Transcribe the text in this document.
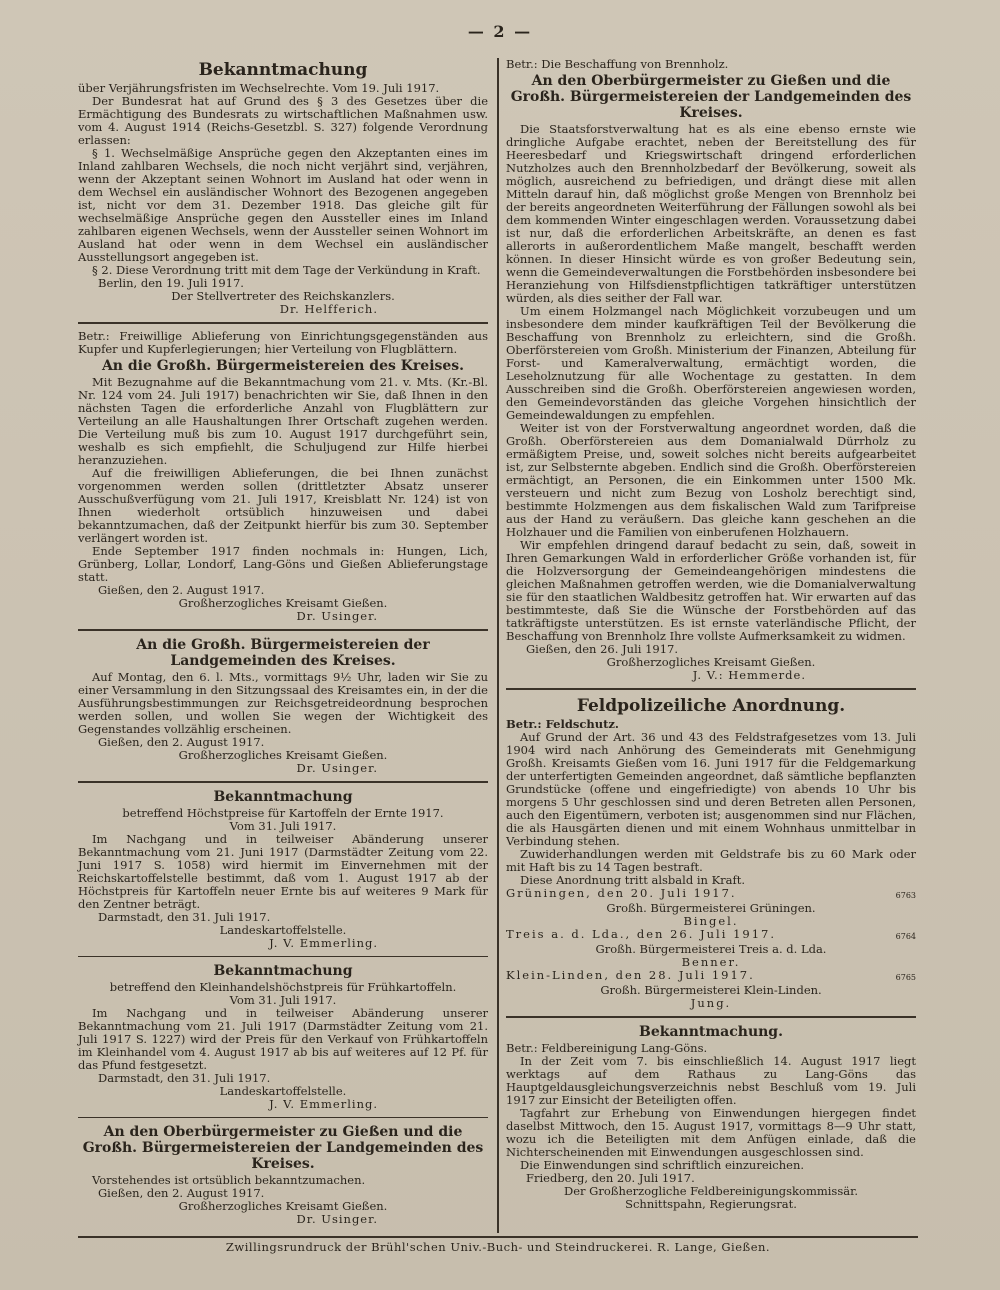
— 2 —
Bekanntmachung

über Verjährungsfristen im Wechselrechte. Vom 19. Juli 1917.

Der Bundesrat hat auf Grund des § 3 des Gesetzes über die Ermächtigung des Bundesrats zu wirtschaftlichen Maßnahmen usw. vom 4. August 1914 (Reichs-Gesetzbl. S. 327) folgende Verordnung erlassen:

§ 1. Wechselmäßige Ansprüche gegen den Akzeptanten eines im Inland zahlbaren Wechsels, die noch nicht verjährt sind, verjähren, wenn der Akzeptant seinen Wohnort im Ausland hat oder wenn in dem Wechsel ein ausländischer Wohnort des Bezogenen angegeben ist, nicht vor dem 31. Dezember 1918. Das gleiche gilt für wechselmäßige Ansprüche gegen den Aussteller eines im Inland zahlbaren eigenen Wechsels, wenn der Aussteller seinen Wohnort im Ausland hat oder wenn in dem Wechsel ein ausländischer Ausstellungsort angegeben ist.

§ 2. Diese Verordnung tritt mit dem Tage der Verkündung in Kraft.

Berlin, den 19. Juli 1917.
Der Stellvertreter des Reichskanzlers.
Dr. Helfferich.

Betr.: Freiwillige Ablieferung von Einrichtungsgegenständen aus Kupfer und Kupferlegierungen; hier Verteilung von Flugblättern.

An die Großh. Bürgermeistereien des Kreises.

Mit Bezugnahme auf die Bekanntmachung vom 21. v. Mts. (Kr.-Bl. Nr. 124 vom 24. Juli 1917) benachrichten wir Sie, daß Ihnen in den nächsten Tagen die erforderliche Anzahl von Flugblättern zur Verteilung an alle Haushaltungen Ihrer Ortschaft zugehen werden. Die Verteilung muß bis zum 10. August 1917 durchgeführt sein, weshalb es sich empfiehlt, die Schuljugend zur Hilfe hierbei heranzuziehen.

Auf die freiwilligen Ablieferungen, die bei Ihnen zunächst vorgenommen werden sollen (drittletzter Absatz unserer Ausschußverfügung vom 21. Juli 1917, Kreisblatt Nr. 124) ist von Ihnen wiederholt ortsüblich hinzuweisen und dabei bekanntzumachen, daß der Zeitpunkt hierfür bis zum 30. September verlängert worden ist.

Ende September 1917 finden nochmals in: Hungen, Lich, Grünberg, Lollar, Londorf, Lang-Göns und Gießen Ablieferungstage statt.

Gießen, den 2. August 1917.
Großherzogliches Kreisamt Gießen.
Dr. Usinger.
An die Großh. Bürgermeistereien der Landgemeinden des Kreises.

Auf Montag, den 6. l. Mts., vormittags 9½ Uhr, laden wir Sie zu einer Versammlung in den Sitzungssaal des Kreisamtes ein, in der die Ausführungsbestimmungen zur Reichsgetreideordnung besprochen werden sollen, und wollen Sie wegen der Wichtigkeit des Gegenstandes vollzählig erscheinen.

Gießen, den 2. August 1917.
Großherzogliches Kreisamt Gießen.
Dr. Usinger.
Bekanntmachung
betreffend Höchstpreise für Kartoffeln der Ernte 1917.
Vom 31. Juli 1917.

Im Nachgang und in teilweiser Abänderung unserer Bekanntmachung vom 21. Juni 1917 (Darmstädter Zeitung vom 22. Juni 1917 S. 1058) wird hiermit im Einvernehmen mit der Reichskartoffelstelle bestimmt, daß vom 1. August 1917 ab der Höchstpreis für Kartoffeln neuer Ernte bis auf weiteres 9 Mark für den Zentner beträgt.

Darmstadt, den 31. Juli 1917.
Landeskartoffelstelle.
J. V. Emmerling.
Bekanntmachung
betreffend den Kleinhandelshöchstpreis für Frühkartoffeln.
Vom 31. Juli 1917.

Im Nachgang und in teilweiser Abänderung unserer Bekanntmachung vom 21. Juli 1917 (Darmstädter Zeitung vom 21. Juli 1917 S. 1227) wird der Preis für den Verkauf von Frühkartoffeln im Kleinhandel vom 4. August 1917 ab bis auf weiteres auf 12 Pf. für das Pfund festgesetzt.

Darmstadt, den 31. Juli 1917.
Landeskartoffelstelle.
J. V. Emmerling.
An den Oberbürgermeister zu Gießen und die Großh. Bürgermeistereien der Landgemeinden des Kreises.

Vorstehendes ist ortsüblich bekanntzumachen.

Gießen, den 2. August 1917.
Großherzogliches Kreisamt Gießen.
Dr. Usinger.

Betr.: Die Beschaffung von Brennholz.

An den Oberbürgermeister zu Gießen und die Großh. Bürgermeistereien der Landgemeinden des Kreises.

Die Staatsforstverwaltung hat es als eine ebenso ernste wie dringliche Aufgabe erachtet, neben der Bereitstellung des für Heeresbedarf und Kriegswirtschaft dringend erforderlichen Nutzholzes auch den Brennholzbedarf der Bevölkerung, soweit als möglich, ausreichend zu befriedigen, und drängt diese mit allen Mitteln darauf hin, daß möglichst große Mengen von Brennholz bei der bereits angeordneten Weiterführung der Fällungen sowohl als bei dem kommenden Winter eingeschlagen werden. Voraussetzung dabei ist nur, daß die erforderlichen Arbeitskräfte, an denen es fast allerorts in außerordentlichem Maße mangelt, beschafft werden können. In dieser Hinsicht würde es von großer Bedeutung sein, wenn die Gemeindeverwaltungen die Forstbehörden insbesondere bei Heranziehung von Hilfsdienstpflichtigen tatkräftiger unterstützen würden, als dies seither der Fall war.

Um einem Holzmangel nach Möglichkeit vorzubeugen und um insbesondere dem minder kaufkräftigen Teil der Bevölkerung die Beschaffung von Brennholz zu erleichtern, sind die Großh. Oberförstereien vom Großh. Ministerium der Finanzen, Abteilung für Forst- und Kameralverwaltung, ermächtigt worden, die Leseholznutzung für alle Wochentage zu gestatten. In dem Ausschreiben sind die Großh. Oberförstereien angewiesen worden, den Gemeindevorständen das gleiche Vorgehen hinsichtlich der Gemeindewaldungen zu empfehlen.

Weiter ist von der Forstverwaltung angeordnet worden, daß die Großh. Oberförstereien aus dem Domanialwald Dürrholz zu ermäßigtem Preise, und, soweit solches nicht bereits aufgearbeitet ist, zur Selbsternte abgeben. Endlich sind die Großh. Oberförstereien ermächtigt, an Personen, die ein Einkommen unter 1500 Mk. versteuern und nicht zum Bezug von Losholz berechtigt sind, bestimmte Holzmengen aus dem fiskalischen Wald zum Tarifpreise aus der Hand zu veräußern. Das gleiche kann geschehen an die Holzhauer und die Familien von einberufenen Holzhauern.

Wir empfehlen dringend darauf bedacht zu sein, daß, soweit in Ihren Gemarkungen Wald in erforderlicher Größe vorhanden ist, für die Holzversorgung der Gemeindeangehörigen mindestens die gleichen Maßnahmen getroffen werden, wie die Domanialverwaltung sie für den staatlichen Waldbesitz getroffen hat. Wir erwarten auf das bestimmteste, daß Sie die Wünsche der Forstbehörden auf das tatkräftigste unterstützen. Es ist ernste vaterländische Pflicht, der Beschaffung von Brennholz Ihre vollste Aufmerksamkeit zu widmen.

Gießen, den 26. Juli 1917.
Großherzogliches Kreisamt Gießen.
J. V.: Hemmerde.
Feldpolizeiliche Anordnung.

Betr.: Feldschutz.

Auf Grund der Art. 36 und 43 des Feldstrafgesetzes vom 13. Juli 1904 wird nach Anhörung des Gemeinderats mit Genehmigung Großh. Kreisamts Gießen vom 16. Juni 1917 für die Feldgemarkung der unterfertigten Gemeinden angeordnet, daß sämtliche bepflanzten Grundstücke (offene und eingefriedigte) von abends 10 Uhr bis morgens 5 Uhr geschlossen sind und deren Betreten allen Personen, auch den Eigentümern, verboten ist; ausgenommen sind nur Flächen, die als Hausgärten dienen und mit einem Wohnhaus unmittelbar in Verbindung stehen.

Zuwiderhandlungen werden mit Geldstrafe bis zu 60 Mark oder mit Haft bis zu 14 Tagen bestraft.

Diese Anordnung tritt alsbald in Kraft.

Grüningen, den 20. Juli 1917.	6763
Großh. Bürgermeisterei Grüningen.
Bingel.
Treis a. d. Lda., den 26. Juli 1917.	6764
Großh. Bürgermeisterei Treis a. d. Lda.
Benner.
Klein-Linden, den 28. Juli 1917.	6765
Großh. Bürgermeisterei Klein-Linden.
Jung.
Bekanntmachung.

Betr.: Feldbereinigung Lang-Göns.

In der Zeit vom 7. bis einschließlich 14. August 1917 liegt werktags auf dem Rathaus zu Lang-Göns das Hauptgeldausgleichungsverzeichnis nebst Beschluß vom 19. Juli 1917 zur Einsicht der Beteiligten offen.

Tagfahrt zur Erhebung von Einwendungen hiergegen findet daselbst Mittwoch, den 15. August 1917, vormittags 8—9 Uhr statt, wozu ich die Beteiligten mit dem Anfügen einlade, daß die Nichterscheinenden mit Einwendungen ausgeschlossen sind.

Die Einwendungen sind schriftlich einzureichen.

Friedberg, den 20. Juli 1917.
Der Großherzogliche Feldbereinigungskommissär.
Schnittspahn, Regierungsrat.
Zwillingsrundruck der Brühl'schen Univ.-Buch- und Steindruckerei. R. Lange, Gießen.
